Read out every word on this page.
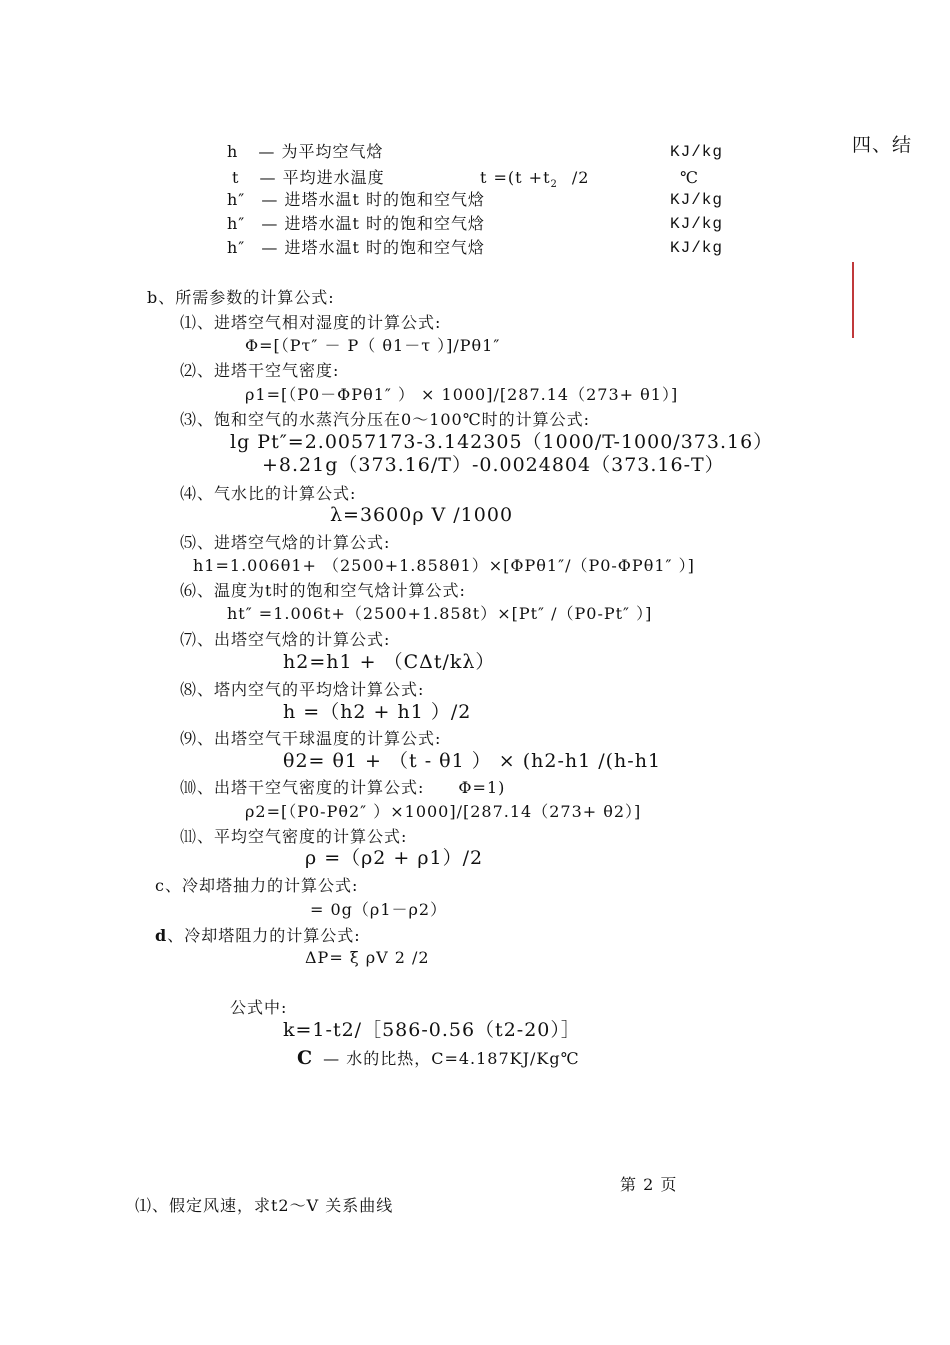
四、结
h — 为平均空气焓	KJ/kg
t — 平均进水温度	$t =(t +t_2$ /2	℃
h″ — 进塔水温t 时的饱和空气焓	KJ/kg
h″ — 进塔水温t 时的饱和空气焓	KJ/kg
h″ — 进塔水温t 时的饱和空气焓	KJ/kg
b、所需参数的计算公式:
⑴、进塔空气相对湿度的计算公式:
Φ=[（Pτ″ － P（ θ1－τ ）]/Pθ1″

⑵、进塔干空气密度:
ρ1=[（P0－ΦPθ1″ ） × 1000]/[287.14（273+ θ1）]
⑶、饱和空气的水蒸汽分压在0～100℃时的计算公式:
lg Pt″=2.0057173-3.142305（1000/T-1000/373.16）
+8.21g（373.16/T）-0.0024804（373.16-T）
⑷、气水比的计算公式:
λ=3600ρ V /1000
⑸、进塔空气焓的计算公式:
h1=1.006θ1+ （2500+1.858θ1）×[ΦPθ1″/（P0-ΦPθ1″ ）]
⑹、温度为t时的饱和空气焓计算公式:
ht″ =1.006t+（2500+1.858t）×[Pt″ /（P0-Pt″ ）]
⑺、出塔空气焓的计算公式:
h2=h1 + （CΔt/kλ）
⑻、塔内空气的平均焓计算公式:
h =（h2 + h1 ）/2
⑼、出塔空气干球温度的计算公式:
θ2= θ1 + （t - θ1 ） × (h2-h1 /(h-h1

⑽、出塔干空气密度的计算公式:　　Φ=1)
ρ2=[（P0-Pθ2″ ）×1000]/[287.14（273+ θ2）]

⑾、平均空气密度的计算公式:
ρ =（ρ2 + ρ1）/2

c、冷却塔抽力的计算公式:
= 0g（ρ1－ρ2）
d、冷却塔阻力的计算公式:
ΔP= ξ ρV 2 /2
公式中:
k=1-t2/［586-0.56（t2-20）］
C — 水的比热，C=4.187KJ/Kg℃
第 2 页
⑴、假定风速，求t2～V 关系曲线
